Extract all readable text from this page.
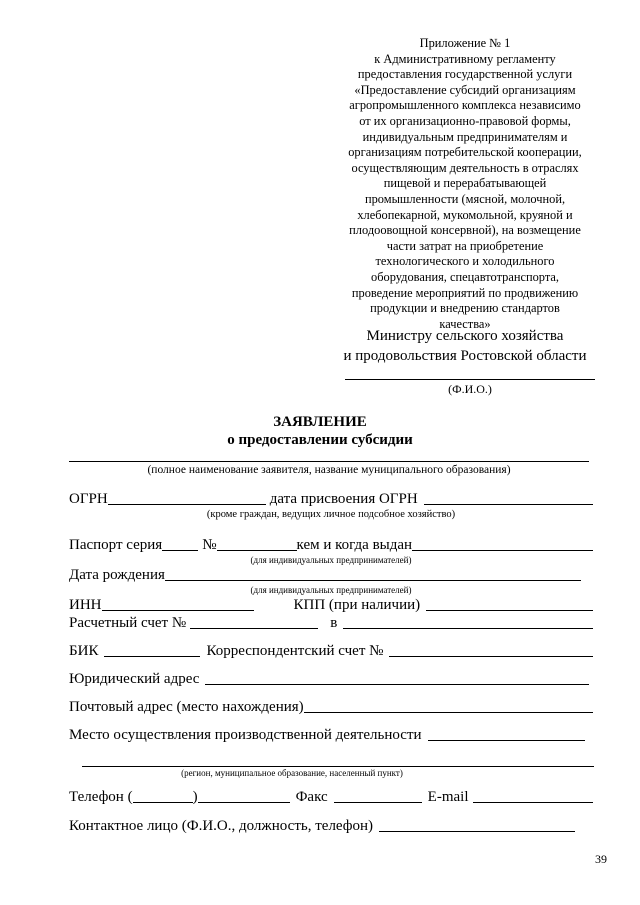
Приложение № 1
к Административному регламенту
предоставления государственной услуги
«Предоставление субсидий организациям
агропромышленного комплекса независимо
от их организационно-правовой формы,
индивидуальным предпринимателям и
организациям потребительской кооперации,
осуществляющим деятельность в отраслях
пищевой и перерабатывающей
промышленности (мясной, молочной,
хлебопекарной, мукомольной, круяной и
плодоовощной консервной), на возмещение
части затрат на приобретение
технологического и холодильного
оборудования, спецавтотранспорта,
проведение мероприятий по продвижению
продукции и внедрению стандартов
качества»
Министру сельского хозяйства
и продовольствия Ростовской области
(Ф.И.О.)
ЗАЯВЛЕНИЕ
о предоставлении субсидии
(полное наименование заявителя, название муниципального образования)
ОГРН	дата присвоения ОГРН
(кроме граждан, ведущих личное подсобное хозяйство)
Паспорт серия	№	кем и когда выдан
(для индивидуальных предпринимателей)
Дата рождения
(для индивидуальных предпринимателей)
ИНН	КПП (при наличии)
Расчетный счет №	в
БИК	Корреспондентский счет №
Юридический адрес
Почтовый адрес (место нахождения)
Место осуществления производственной деятельности
(регион, муниципальное образование, населенный пункт)
Телефон (	)	Факс	E-mail
Контактное лицо (Ф.И.О., должность, телефон)
39
